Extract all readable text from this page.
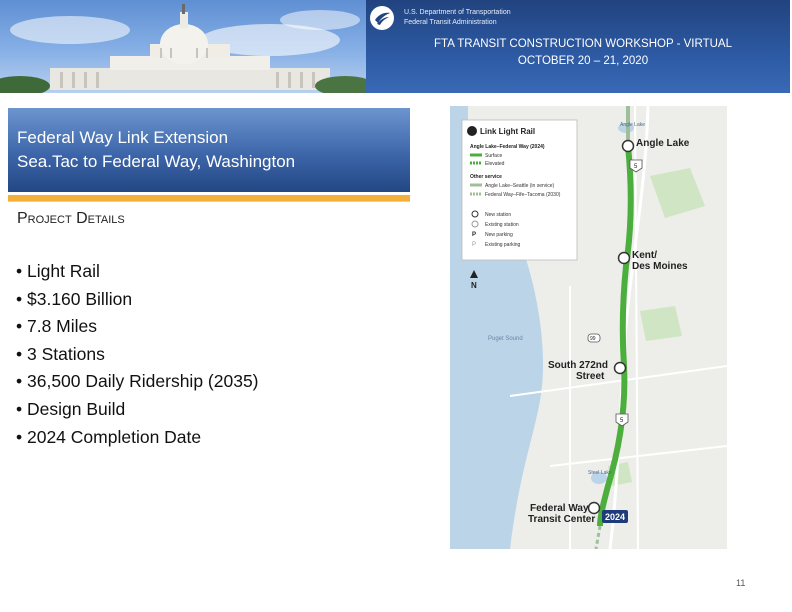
U.S. Department of Transportation
Federal Transit Administration
FTA TRANSIT CONSTRUCTION WORKSHOP - VIRTUAL
OCTOBER 20 – 21, 2020
Federal Way Link Extension
Sea.Tac to Federal Way, Washington
Project Details
• Light Rail
• $3.160 Billion
• 7.8 Miles
• 3 Stations
• 36,500 Daily Ridership (2035)
• Design Build
• 2024 Completion Date
Angle Lake
Kent/
Des Moines
South 272nd
Street
Federal Way
Transit Center 2024
Puget Sound
Steel Lake
Angle Lake
5
5
99
Link Light Rail
Angle Lake–Federal Way (2024)
Surface
Elevated
Other service
Angle Lake–Seattle (in service)
Federal Way–Fife–Tacoma (2030)
New station
Existing station
P New parking
P Existing parking
N
11
